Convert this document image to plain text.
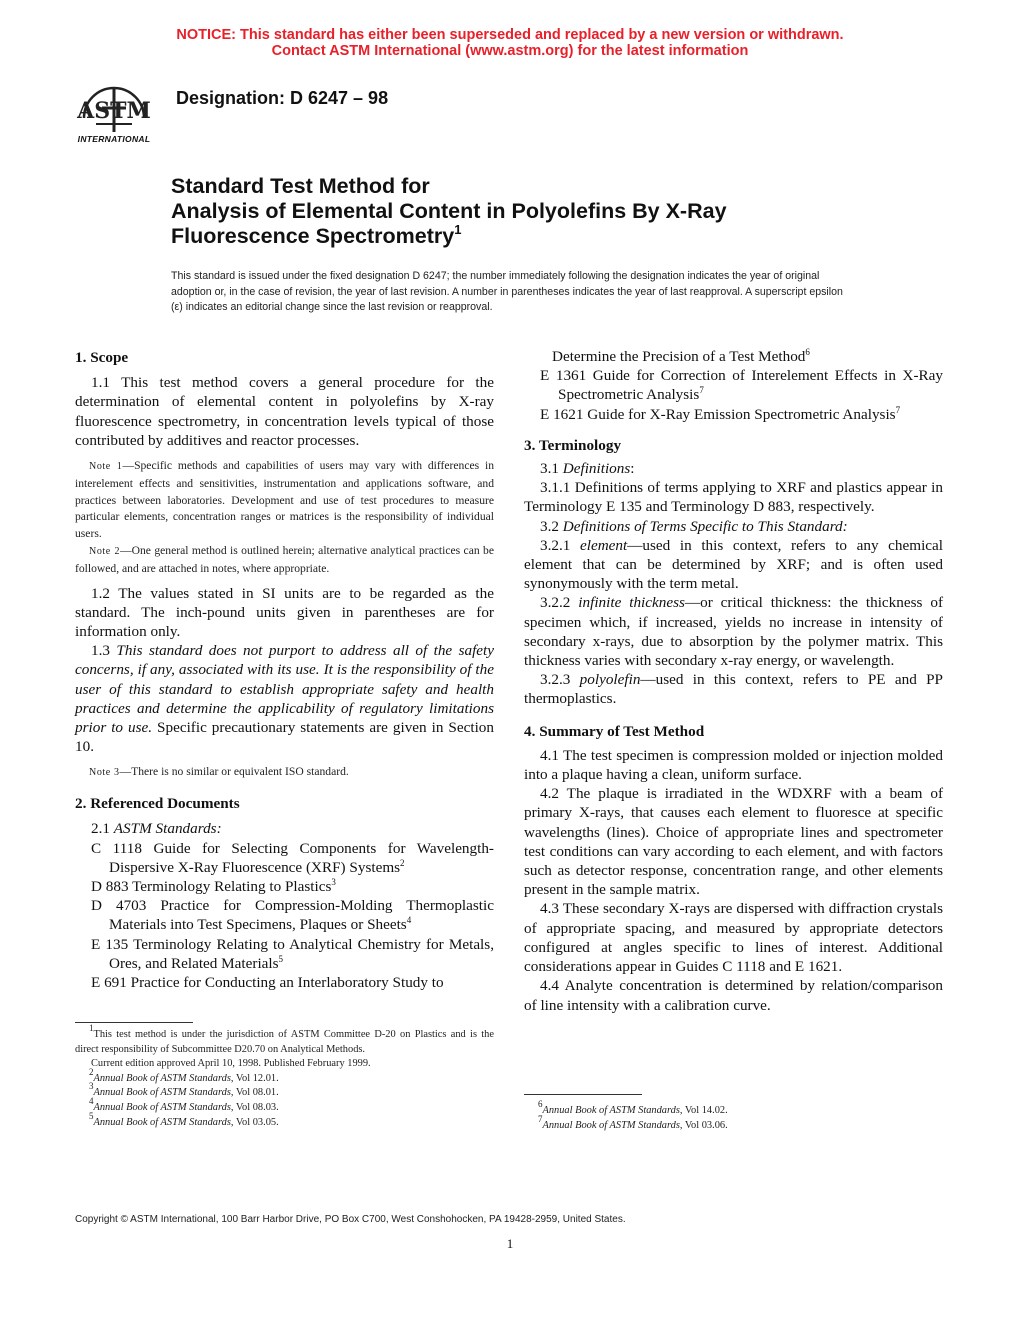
NOTICE: This standard has either been superseded and replaced by a new version or withdrawn.
Contact ASTM International (www.astm.org) for the latest information
ASTM
INTERNATIONAL
Designation: D 6247 – 98
Standard Test Method for
Analysis of Elemental Content in Polyolefins By X-Ray
Fluorescence Spectrometry$^1$
This standard is issued under the fixed designation D 6247; the number immediately following the designation indicates the year of original adoption or, in the case of revision, the year of last revision. A number in parentheses indicates the year of last reapproval. A superscript epsilon (ε) indicates an editorial change since the last revision or reapproval.
1. Scope

1.1 This test method covers a general procedure for the determination of elemental content in polyolefins by X-ray fluorescence spectrometry, in concentration levels typical of those contributed by additives and reactor processes.

Note 1—Specific methods and capabilities of users may vary with differences in interelement effects and sensitivities, instrumentation and applications software, and practices between laboratories. Development and use of test procedures to measure particular elements, concentration ranges or matrices is the responsibility of individual users.

Note 2—One general method is outlined herein; alternative analytical practices can be followed, and are attached in notes, where appropriate.

1.2 The values stated in SI units are to be regarded as the standard. The inch-pound units given in parentheses are for information only.

1.3 This standard does not purport to address all of the safety concerns, if any, associated with its use. It is the responsibility of the user of this standard to establish appropriate safety and health practices and determine the applicability of regulatory limitations prior to use. Specific precautionary statements are given in Section 10.

Note 3—There is no similar or equivalent ISO standard.

2. Referenced Documents

2.1 ASTM Standards:

C 1118 Guide for Selecting Components for Wavelength-Dispersive X-Ray Fluorescence (XRF) Systems$^2$

D 883 Terminology Relating to Plastics$^3$

D 4703 Practice for Compression-Molding Thermoplastic Materials into Test Specimens, Plaques or Sheets$^4$

E 135 Terminology Relating to Analytical Chemistry for Metals, Ores, and Related Materials$^5$

E 691 Practice for Conducting an Interlaboratory Study to

$^1$This test method is under the jurisdiction of ASTM Committee D-20 on Plastics and is the direct responsibility of Subcommittee D20.70 on Analytical Methods.

Current edition approved April 10, 1998. Published February 1999.

$^2$Annual Book of ASTM Standards, Vol 12.01.

$^3$Annual Book of ASTM Standards, Vol 08.01.

$^4$Annual Book of ASTM Standards, Vol 08.03.

$^5$Annual Book of ASTM Standards, Vol 03.05.

Determine the Precision of a Test Method$^6$

E 1361 Guide for Correction of Interelement Effects in X-Ray Spectrometric Analysis$^7$

E 1621 Guide for X-Ray Emission Spectrometric Analysis$^7$

3. Terminology

3.1 Definitions:

3.1.1 Definitions of terms applying to XRF and plastics appear in Terminology E 135 and Terminology D 883, respectively.

3.2 Definitions of Terms Specific to This Standard:

3.2.1 element—used in this context, refers to any chemical element that can be determined by XRF; and is often used synonymously with the term metal.

3.2.2 infinite thickness—or critical thickness: the thickness of specimen which, if increased, yields no increase in intensity of secondary x-rays, due to absorption by the polymer matrix. This thickness varies with secondary x-ray energy, or wavelength.

3.2.3 polyolefin—used in this context, refers to PE and PP thermoplastics.

4. Summary of Test Method

4.1 The test specimen is compression molded or injection molded into a plaque having a clean, uniform surface.

4.2 The plaque is irradiated in the WDXRF with a beam of primary X-rays, that causes each element to fluoresce at specific wavelengths (lines). Choice of appropriate lines and spectrometer test conditions can vary according to each element, and with factors such as detector response, concentration range, and other elements present in the sample matrix.

4.3 These secondary X-rays are dispersed with diffraction crystals of appropriate spacing, and measured by appropriate detectors configured at angles specific to lines of interest. Additional considerations appear in Guides C 1118 and E 1621.

4.4 Analyte concentration is determined by relation/comparison of line intensity with a calibration curve.

$^6$Annual Book of ASTM Standards, Vol 14.02.

$^7$Annual Book of ASTM Standards, Vol 03.06.

Copyright © ASTM International, 100 Barr Harbor Drive, PO Box C700, West Conshohocken, PA 19428-2959, United States.
1
